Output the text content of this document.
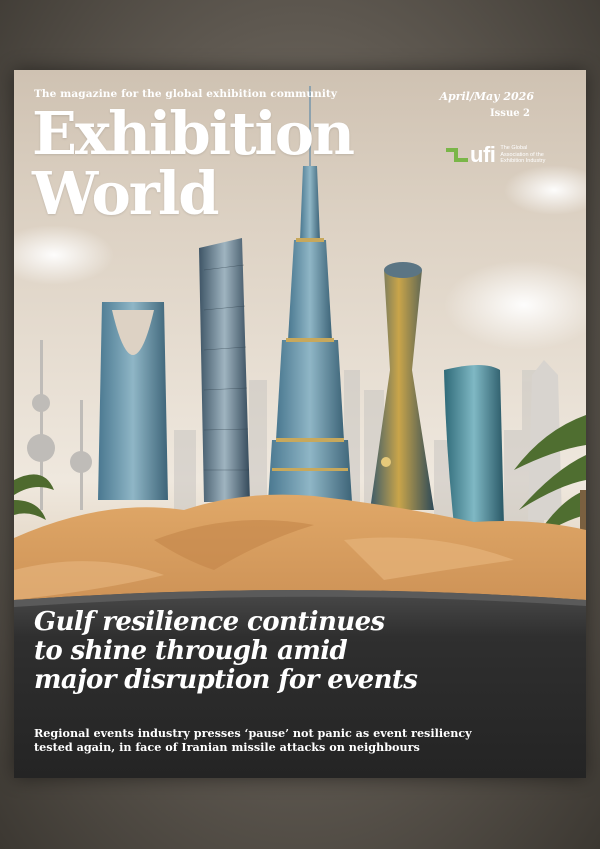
The magazine for the global exhibition community
Exhibition
World
April/May 2026
Issue 2
ufi The Global
Association of the
Exhibition Industry
Gulf resilience continues
to shine through amid
major disruption for events
Regional events industry presses ‘pause’ not panic as event resiliency
tested again, in face of Iranian missile attacks on neighbours
